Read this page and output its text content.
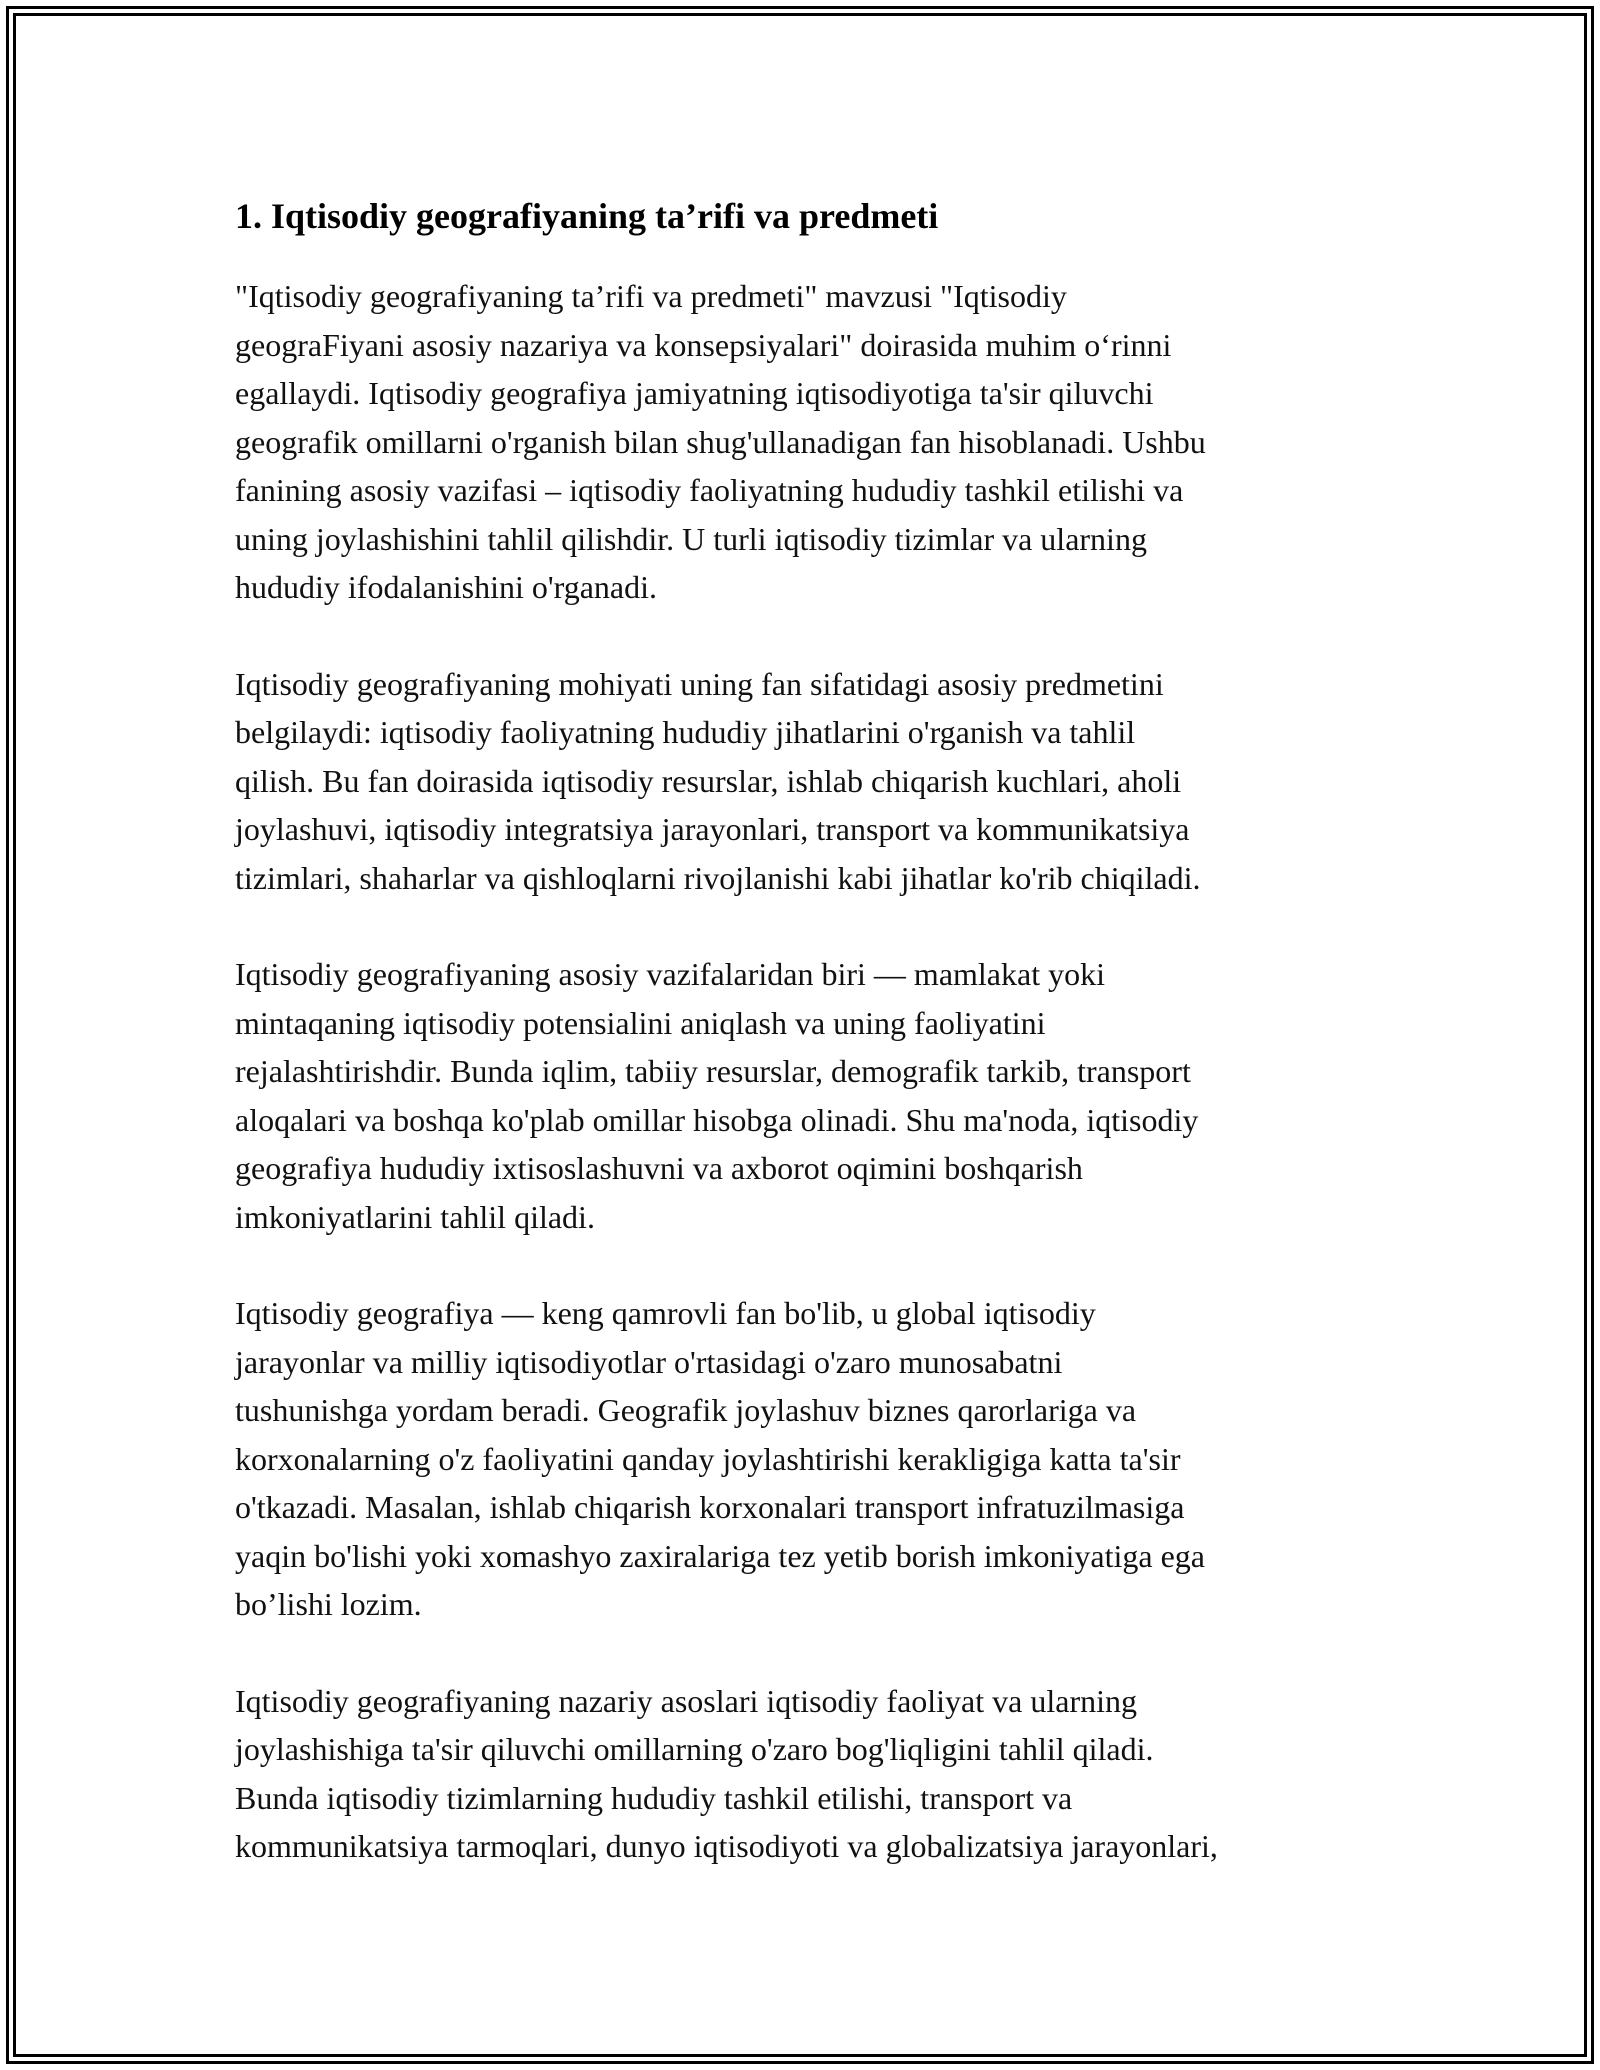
1. Iqtisodiy geografiyaning ta’rifi va predmeti

"Iqtisodiy geografiyaning ta’rifi va predmeti" mavzusi "Iqtisodiy
geograFiyani asosiy nazariya va konsepsiyalari" doirasida muhim o‘rinni
egallaydi. Iqtisodiy geografiya jamiyatning iqtisodiyotiga ta'sir qiluvchi
geografik omillarni o'rganish bilan shug'ullanadigan fan hisoblanadi. Ushbu
fanining asosiy vazifasi – iqtisodiy faoliyatning hududiy tashkil etilishi va
uning joylashishini tahlil qilishdir. U turli iqtisodiy tizimlar va ularning
hududiy ifodalanishini o'rganadi.

Iqtisodiy geografiyaning mohiyati uning fan sifatidagi asosiy predmetini
belgilaydi: iqtisodiy faoliyatning hududiy jihatlarini o'rganish va tahlil
qilish. Bu fan doirasida iqtisodiy resurslar, ishlab chiqarish kuchlari, aholi
joylashuvi, iqtisodiy integratsiya jarayonlari, transport va kommunikatsiya
tizimlari, shaharlar va qishloqlarni rivojlanishi kabi jihatlar ko'rib chiqiladi.

Iqtisodiy geografiyaning asosiy vazifalaridan biri — mamlakat yoki
mintaqaning iqtisodiy potensialini aniqlash va uning faoliyatini
rejalashtirishdir. Bunda iqlim, tabiiy resurslar, demografik tarkib, transport
aloqalari va boshqa ko'plab omillar hisobga olinadi. Shu ma'noda, iqtisodiy
geografiya hududiy ixtisoslashuvni va axborot oqimini boshqarish
imkoniyatlarini tahlil qiladi.

Iqtisodiy geografiya — keng qamrovli fan bo'lib, u global iqtisodiy
jarayonlar va milliy iqtisodiyotlar o'rtasidagi o'zaro munosabatni
tushunishga yordam beradi. Geografik joylashuv biznes qarorlariga va
korxonalarning o'z faoliyatini qanday joylashtirishi kerakligiga katta ta'sir
o'tkazadi. Masalan, ishlab chiqarish korxonalari transport infratuzilmasiga
yaqin bo'lishi yoki xomashyo zaxiralariga tez yetib borish imkoniyatiga ega
bo’lishi lozim.

Iqtisodiy geografiyaning nazariy asoslari iqtisodiy faoliyat va ularning
joylashishiga ta'sir qiluvchi omillarning o'zaro bog'liqligini tahlil qiladi.
Bunda iqtisodiy tizimlarning hududiy tashkil etilishi, transport va
kommunikatsiya tarmoqlari, dunyo iqtisodiyoti va globalizatsiya jarayonlari,
